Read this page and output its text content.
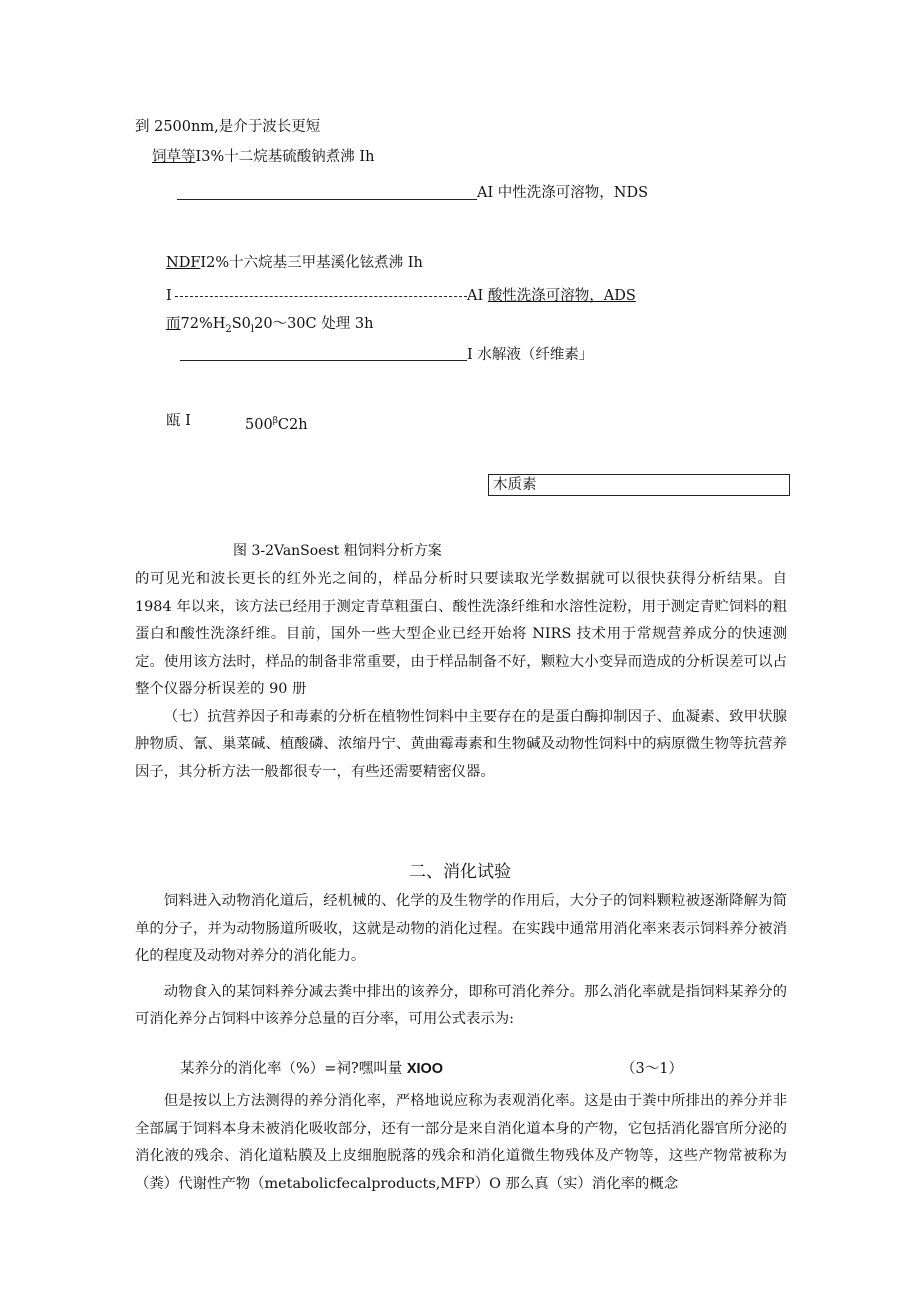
到 2500nm,是介于波长更短
饲草等I3%十二烷基硫酸钠煮沸 Ih
AI 中性洗涤可溶物，NDS
NDFI2%十六烷基三甲基溪化铉煮沸 Ih
I	AI 酸性洗涤可溶物，ADS
而$72\%H_2S0_l20\sim 30C$ 处理 3h
I 水解液（纤维素」
瓯 I	$500^\beta C2h$
木质素
图 3-2VanSoest 粗饲料分析方案

的可见光和波长更长的红外光之间的，样品分析时只要读取光学数据就可以很快获得分析结果。自 1984 年以来，该方法已经用于测定青草粗蛋白、酸性洗涤纤维和水溶性淀粉，用于测定青贮饲料的粗蛋白和酸性洗涤纤维。目前，国外一些大型企业已经开始将 NIRS 技术用于常规营养成分的快速测定。使用该方法时，样品的制备非常重要，由于样品制备不好，颗粒大小变异而造成的分析误差可以占整个仪器分析误差的 90 册

（七）抗营养因子和毒素的分析在植物性饲料中主要存在的是蛋白酶抑制因子、血凝素、致甲状腺肿物质、氰、巢菜碱、植酸磷、浓缩丹宁、黄曲霉毒素和生物碱及动物性饲料中的病原微生物等抗营养因子，其分析方法一般都很专一，有些还需要精密仪器。

二、消化试验

饲料进入动物消化道后，经机械的、化学的及生物学的作用后，大分子的饲料颗粒被逐渐降解为简单的分子，并为动物肠道所吸收，这就是动物的消化过程。在实践中通常用消化率来表示饲料养分被消化的程度及动物对养分的消化能力。

动物食入的某饲料养分减去粪中排出的该养分，即称可消化养分。那么消化率就是指饲料某养分的可消化养分占饲料中该养分总量的百分率，可用公式表示为:

某养分的消化率（%）=祠?嘿叫量 XIOO	（3～1）

但是按以上方法测得的养分消化率，严格地说应称为表观消化率。这是由于粪中所排出的养分并非全部属于饲料本身未被消化吸收部分，还有一部分是来自消化道本身的产物，它包括消化器官所分泌的消化液的残余、消化道粘膜及上皮细胞脱落的残余和消化道微生物残体及产物等，这些产物常被称为（粪）代谢性产物（metabolicfecalproducts,MFP）O 那么真（实）消化率的概念
